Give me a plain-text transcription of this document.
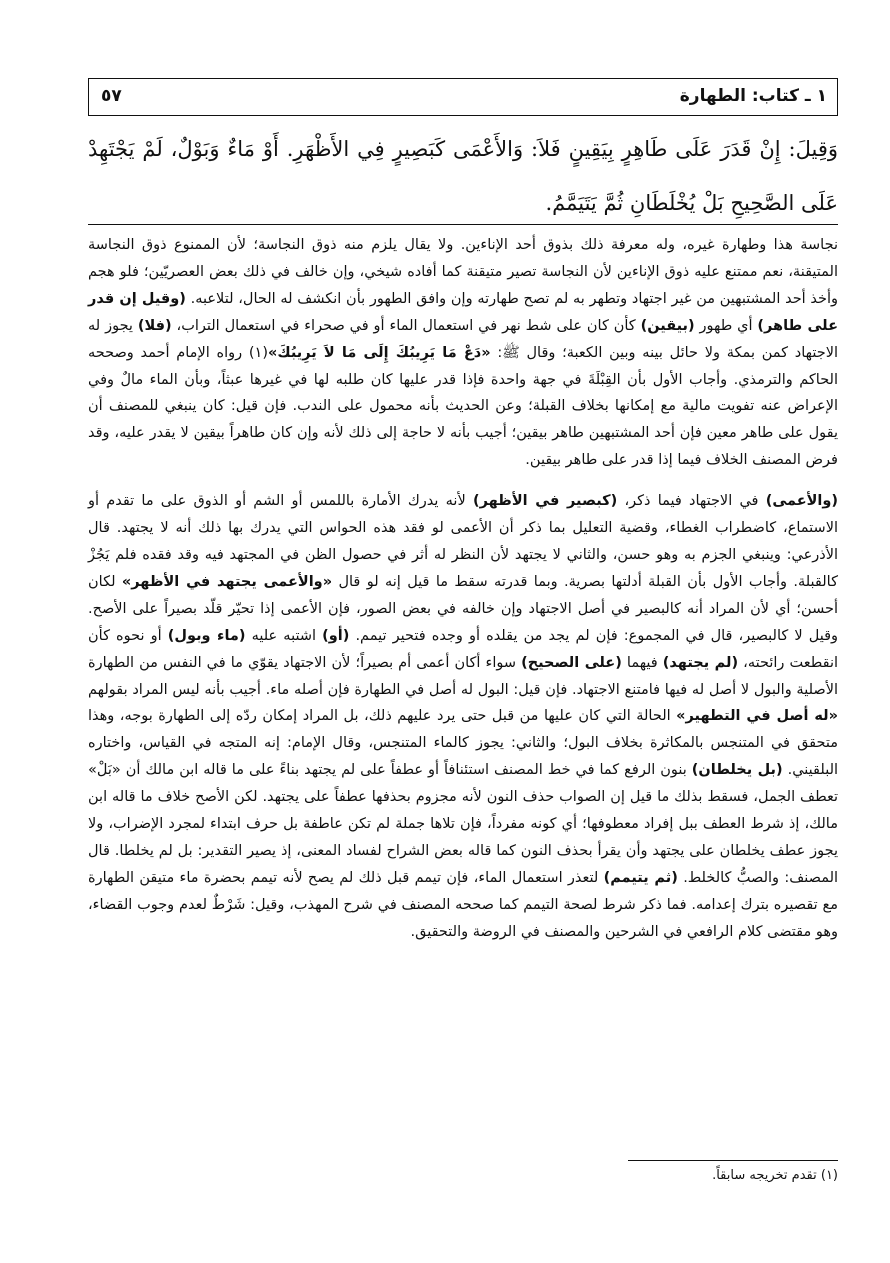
١ ـ كتاب: الطهارة
٥٧
وَقِيلَ: إِنْ قَدَرَ عَلَى طَاهِرٍ بِيَقِينٍ فَلاَ: وَالأَعْمَى كَبَصِيرٍ فِي الأَظْهَرِ. أَوْ مَاءٌ وَبَوْلٌ، لَمْ يَجْتَهِدْ عَلَى الصَّحِيحِ بَلْ يُخْلَطَانِ ثُمَّ يَتَيَمَّمُ.

نجاسة هذا وطهارة غيره، وله معرفة ذلك بذوق أحد الإناءين. ولا يقال يلزم منه ذوق النجاسة؛ لأن الممنوع ذوق النجاسة المتيقنة، نعم ممتنع عليه ذوق الإناءين لأن النجاسة تصير متيقنة كما أفاده شيخي، وإن خالف في ذلك بعض العصريّين؛ فلو هجم وأخذ أحد المشتبهين من غير اجتهاد وتطهر به لم تصح طهارته وإن وافق الطهور بأن انكشف له الحال، لتلاعبه. (وقيل إن قدر على طاهر) أي طهور (بيقين) كأن كان على شط نهر في استعمال الماء أو في صحراء في استعمال التراب، (فلا) يجوز له الاجتهاد كمن بمكة ولا حائل بينه وبين الكعبة؛ وقال ﷺ: «دَعْ مَا يَرِيبُكَ إِلَى مَا لاَ يَرِيبُكَ»(١) رواه الإمام أحمد وصححه الحاكم والترمذي. وأجاب الأول بأن القِبْلَةَ في جهة واحدة فإذا قدر عليها كان طلبه لها في غيرها عبثاً، وبأن الماء مالٌ وفي الإعراض عنه تفويت مالية مع إمكانها بخلاف القبلة؛ وعن الحديث بأنه محمول على الندب. فإن قيل: كان ينبغي للمصنف أن يقول على طاهر معين فإن أحد المشتبهين طاهر بيقين؛ أجيب بأنه لا حاجة إلى ذلك لأنه وإن كان طاهراً بيقين لا يقدر عليه، وقد فرض المصنف الخلاف فيما إذا قدر على طاهر بيقين.

(والأعمى) في الاجتهاد فيما ذكر، (كبصير في الأظهر) لأنه يدرك الأمارة باللمس أو الشم أو الذوق على ما تقدم أو الاستماع، كاضطراب الغطاء، وقضية التعليل بما ذكر أن الأعمى لو فقد هذه الحواس التي يدرك بها ذلك أنه لا يجتهد. قال الأذرعي: وينبغي الجزم به وهو حسن، والثاني لا يجتهد لأن النظر له أثر في حصول الظن في المجتهد فيه وقد فقده فلم يَجُزْ كالقبلة. وأجاب الأول بأن القبلة أدلتها بصرية. وبما قدرته سقط ما قيل إنه لو قال «والأعمى يجتهد في الأظهر» لكان أحسن؛ أي لأن المراد أنه كالبصير في أصل الاجتهاد وإن خالفه في بعض الصور، فإن الأعمى إذا تحيّر قلّد بصيراً على الأصح. وقيل لا كالبصير، قال في المجموع: فإن لم يجد من يقلده أو وجده فتحير تيمم. (أو) اشتبه عليه (ماء وبول) أو نحوه كأن انقطعت رائحته، (لم يجتهد) فيهما (على الصحيح) سواء أكان أعمى أم بصيراً؛ لأن الاجتهاد يقوّي ما في النفس من الطهارة الأصلية والبول لا أصل له فيها فامتنع الاجتهاد. فإن قيل: البول له أصل في الطهارة فإن أصله ماء. أجيب بأنه ليس المراد بقولهم «له أصل في التطهير» الحالة التي كان عليها من قبل حتى يرد عليهم ذلك، بل المراد إمكان ردّه إلى الطهارة بوجه، وهذا متحقق في المتنجس بالمكاثرة بخلاف البول؛ والثاني: يجوز كالماء المتنجس، وقال الإمام: إنه المتجه في القياس، واختاره البلقيني. (بل يخلطان) بنون الرفع كما في خط المصنف استئنافاً أو عطفاً على لم يجتهد بناءً على ما قاله ابن مالك أن «بَلْ» تعطف الجمل، فسقط بذلك ما قيل إن الصواب حذف النون لأنه مجزوم بحذفها عطفاً على يجتهد. لكن الأصح خلاف ما قاله ابن مالك، إذ شرط العطف ببل إفراد معطوفها؛ أي كونه مفرداً، فإن تلاها جملة لم تكن عاطفة بل حرف ابتداء لمجرد الإضراب، ولا يجوز عطف يخلطان على يجتهد وأن يقرأ بحذف النون كما قاله بعض الشراح لفساد المعنى، إذ يصير التقدير: بل لم يخلطا. قال المصنف: والصبُّ كالخلط. (ثم يتيمم) لتعذر استعمال الماء، فإن تيمم قبل ذلك لم يصح لأنه تيمم بحضرة ماء متيقن الطهارة مع تقصيره بترك إعدامه. فما ذكر شرط لصحة التيمم كما صححه المصنف في شرح المهذب، وقيل: شَرْطٌ لعدم وجوب القضاء، وهو مقتضى كلام الرافعي في الشرحين والمصنف في الروضة والتحقيق.

(١) تقدم تخريجه سابقاً.
